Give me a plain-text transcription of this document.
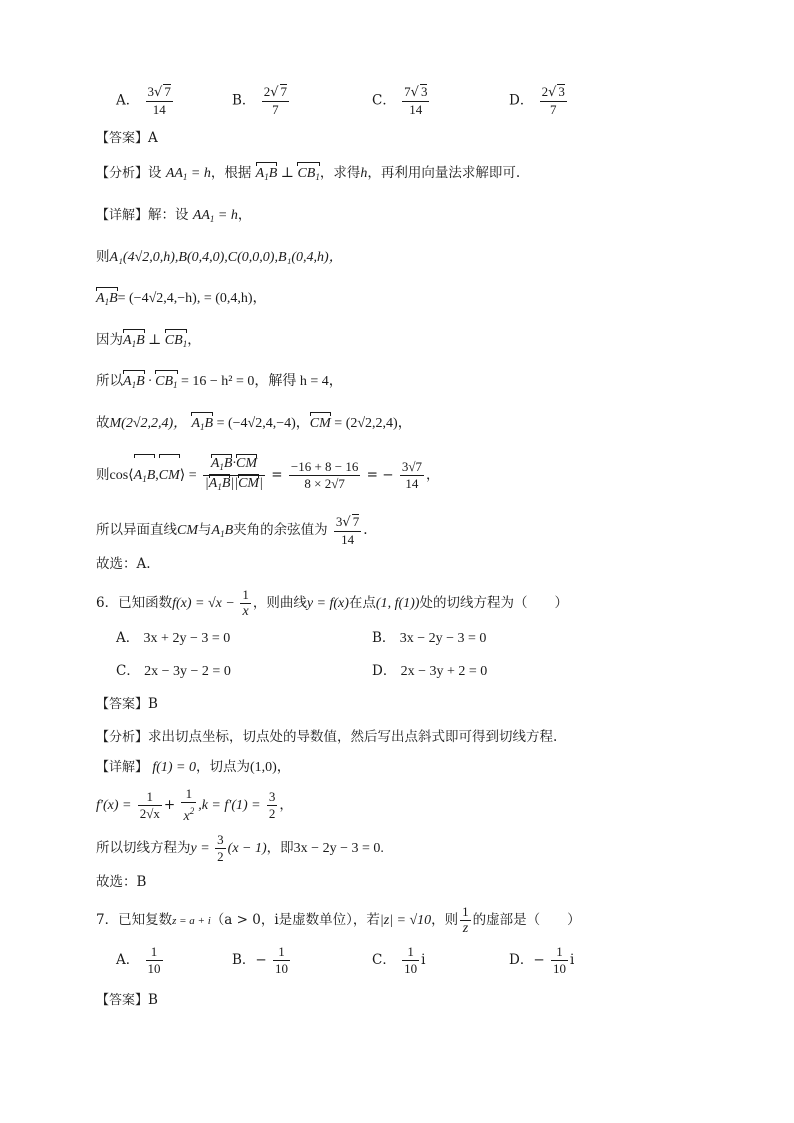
A． $\frac{3√ 7}{14}$	B． $\frac{2√ 7}{7}$	C． $\frac{7√ 3}{14}$	D． $\frac{2√ 3}{7}$
【答案】A
【分析】设 $AA_1 = h$，根据 $A_1B$ ⊥ $CB_1$，求得h，再利用向量法求解即可.
【详解】解：设 $AA_1 = h$，
则A₁(4√2,0,h),B(0,4,0),C(0,0,0),B₁(0,4,h)，
$A_1B= (-4√2,4,-h)$, = (0,4,h)，
因为$A_1B$ ⊥ $CB_1$，
所以$A_1B \cdot CB_1 = 16 - h^2 = 0$，解得 h = 4，
故M(2√2,2,4)， $A_1B = (-4√2,4,-4)$，CM = (2√2,2,4)，
则$\cos⟨A_1B,CM⟩ = \frac{A_1B\cdot CM}{|A_1B||CM|} = \frac{-16 + 8 - 16}{8 \times 2√7}$ = − $\frac{3√7}{14}$ ，
所以异面直线CM与$A_1B$夹角的余弦值为 $\frac{3√ 7}{14}$ .
故选：A.
6．已知函数$f(x) = √x - \frac{1}{x}$ ，则曲线y = f(x)在点(1, f(1))处的切线方程为（　　）
A． 3x + 2y − 3 = 0	B． 3x − 2y − 3 = 0
C． 2x − 3y − 2 = 0	D． 2x − 3y + 2 = 0
【答案】B
【分析】求出切点坐标，切点处的导数值，然后写出点斜式即可得到切线方程.
【详解】 f(1) = 0，切点为(1,0)，
$f'(x) = \frac{1}{2√x} + \frac{1}{x^2} ,k = f'(1) = \frac{3}{2}$ ，
所以切线方程为$y = \frac{3}{2} (x - 1)$，即3x − 2y − 3 = 0.
故选：B
7．已知复数z = a + i（a > 0，i是虚数单位），若|z| = √10，则 $\frac{1}{z}$ 的虚部是（　　）
A． $\frac{1}{10}$	B．− $\frac{1}{10}$	C． $\frac{1}{10}$ i	D．− $\frac{1}{10}$ i
【答案】B
